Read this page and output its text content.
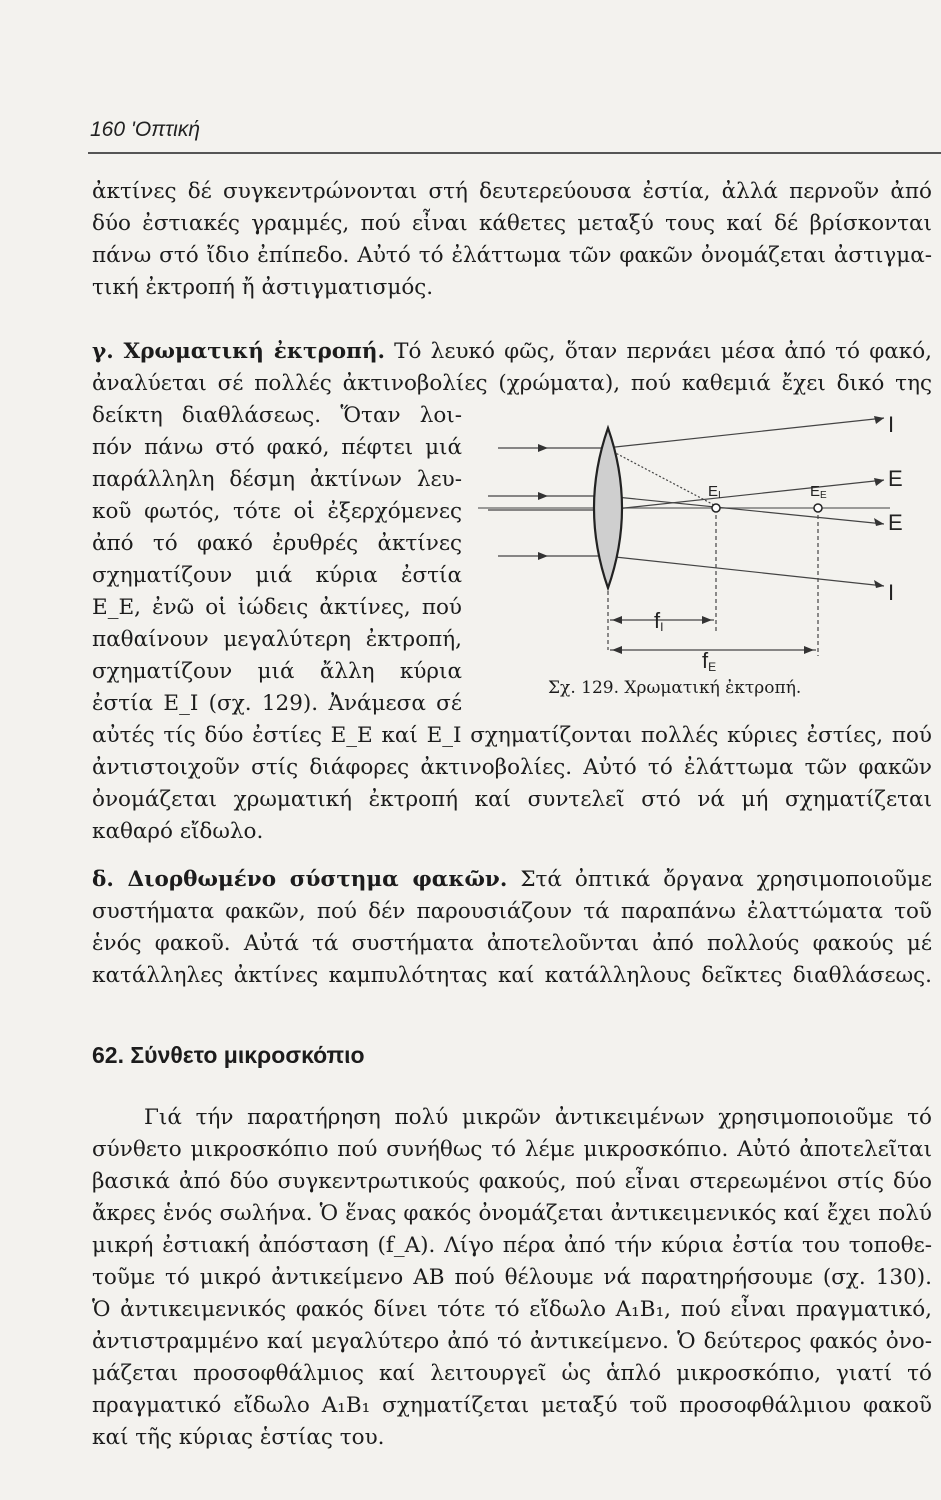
160 'Οπτική
ἀκτίνες δέ συγκεντρώνονται στή δευτερεύουσα ἐστία, ἀλλά περνοῦν ἀπό
δύο ἐστιακές γραμμές, πού εἶναι κάθετες μεταξύ τους καί δέ βρίσκονται
πάνω στό ἴδιο ἐπίπεδο. Αὐτό τό ἐλάττωμα τῶν φακῶν ὀνομάζεται ἀστιγμα-
τική ἐκτροπή ἤ ἀστιγματισμός.
γ. Χρωματική ἐκτροπή. Τό λευκό φῶς, ὅταν περνάει μέσα ἀπό τό φακό,
ἀναλύεται σέ πολλές ἀκτινοβολίες (χρώματα), πού καθεμιά ἔχει δικό της
δείκτη διαθλάσεως. Ὅταν λοι-
πόν πάνω στό φακό, πέφτει μιά
παράλληλη δέσμη ἀκτίνων λευ-
κοῦ φωτός, τότε οἱ ἐξερχόμενες
ἀπό τό φακό ἐρυθρές ἀκτίνες
σχηματίζουν μιά κύρια ἐστία
E_E, ἐνῶ οἱ ἰώδεις ἀκτίνες, πού
παθαίνουν μεγαλύτερη ἐκτροπή,
σχηματίζουν μιά ἄλλη κύρια
ἐστία E_I (σχ. 129). Ἀνάμεσα σέ
EI	EE
I
E
E
I
fI
fE
Σχ. 129. Χρωματική ἐκτροπή.
αὐτές τίς δύο ἐστίες E_E καί E_I σχηματίζονται πολλές κύριες ἐστίες, πού
ἀντιστοιχοῦν στίς διάφορες ἀκτινοβολίες. Αὐτό τό ἐλάττωμα τῶν φακῶν
ὀνομάζεται χρωματική ἐκτροπή καί συντελεῖ στό νά μή σχηματίζεται
καθαρό εἴδωλο.
δ. Διορθωμένο σύστημα φακῶν. Στά ὀπτικά ὄργανα χρησιμοποιοῦμε
συστήματα φακῶν, πού δέν παρουσιάζουν τά παραπάνω ἐλαττώματα τοῦ
ἑνός φακοῦ. Αὐτά τά συστήματα ἀποτελοῦνται ἀπό πολλούς φακούς μέ
κατάλληλες ἀκτίνες καμπυλότητας καί κατάλληλους δεῖκτες διαθλάσεως.
62. Σύνθετο μικροσκόπιο
Γιά τήν παρατήρηση πολύ μικρῶν ἀντικειμένων χρησιμοποιοῦμε τό
σύνθετο μικροσκόπιο πού συνήθως τό λέμε μικροσκόπιο. Αὐτό ἀποτελεῖται
βασικά ἀπό δύο συγκεντρωτικούς φακούς, πού εἶναι στερεωμένοι στίς δύο
ἄκρες ἑνός σωλήνα. Ὁ ἕνας φακός ὀνομάζεται ἀντικειμενικός καί ἔχει πολύ
μικρή ἐστιακή ἀπόσταση (f_A). Λίγο πέρα ἀπό τήν κύρια ἐστία του τοποθε-
τοῦμε τό μικρό ἀντικείμενο AB πού θέλουμε νά παρατηρήσουμε (σχ. 130).
Ὁ ἀντικειμενικός φακός δίνει τότε τό εἴδωλο A₁B₁, πού εἶναι πραγματικό,
ἀντιστραμμένο καί μεγαλύτερο ἀπό τό ἀντικείμενο. Ὁ δεύτερος φακός ὀνο-
μάζεται προσοφθάλμιος καί λειτουργεῖ ὡς ἁπλό μικροσκόπιο, γιατί τό
πραγματικό εἴδωλο A₁B₁ σχηματίζεται μεταξύ τοῦ προσοφθάλμιου φακοῦ
καί τῆς κύριας ἑστίας του.
